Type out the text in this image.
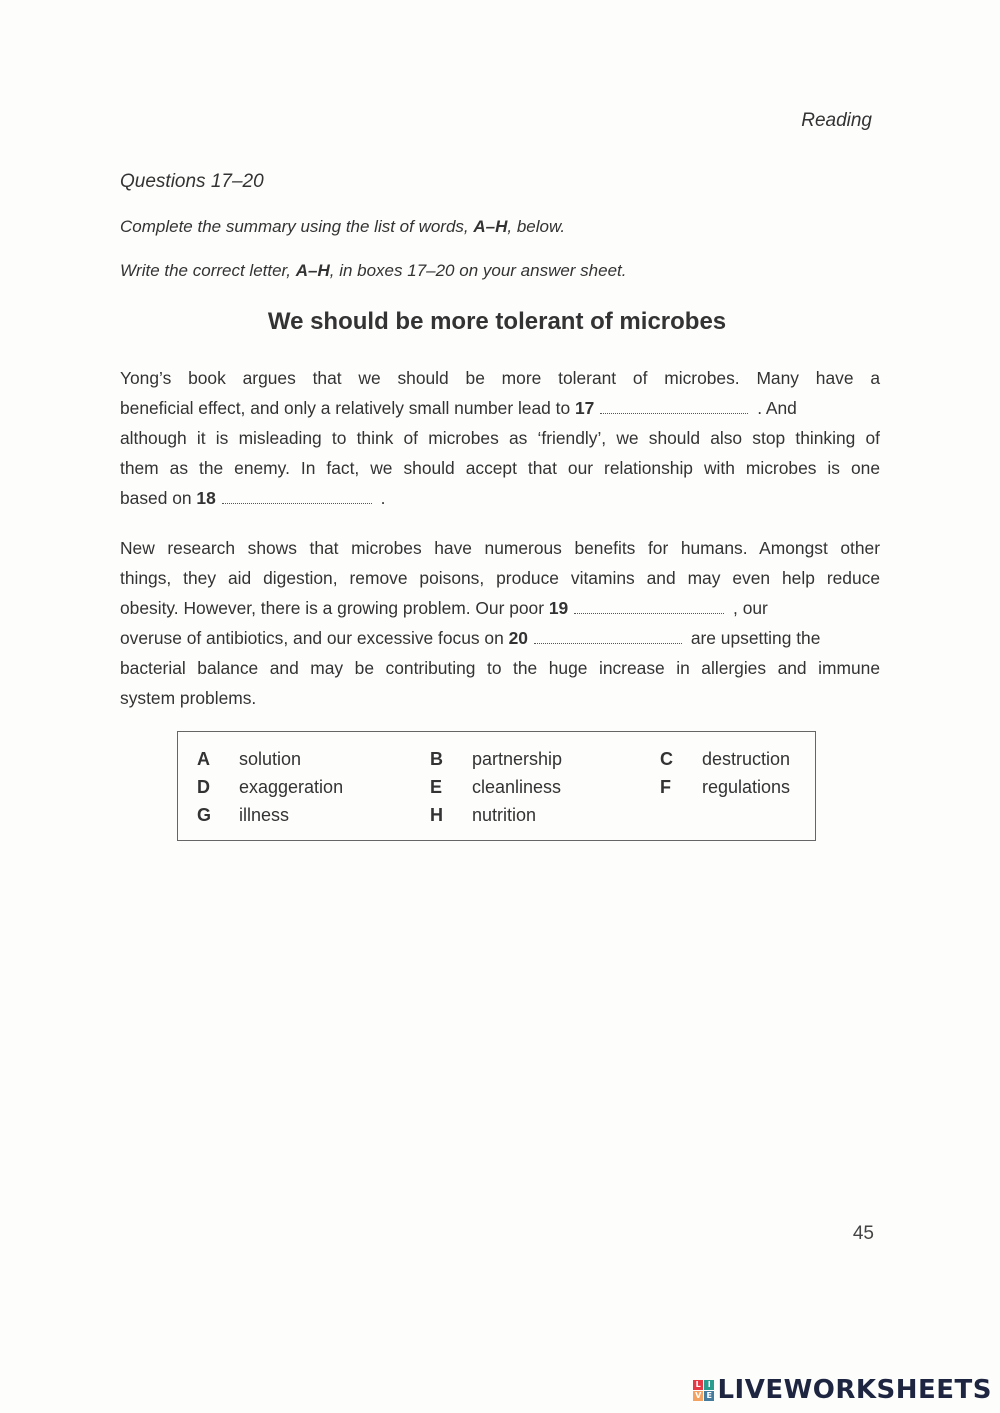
Reading
Questions 17–20
Complete the summary using the list of words, A–H, below.
Write the correct letter, A–H, in boxes 17–20 on your answer sheet.
We should be more tolerant of microbes
Yong’s book argues that we should be more tolerant of microbes. Many have a
beneficial effect, and only a relatively small number lead to 17	. And
although it is misleading to think of microbes as ‘friendly’, we should also stop thinking of
them as the enemy. In fact, we should accept that our relationship with microbes is one
based on 18	.
New research shows that microbes have numerous benefits for humans. Amongst other
things, they aid digestion, remove poisons, produce vitamins and may even help reduce
obesity. However, there is a growing problem. Our poor 19	, our
overuse of antibiotics, and our excessive focus on 20	are upsetting the
bacterial balance and may be contributing to the huge increase in allergies and immune
system problems.
A solution	B partnership	C destruction
D exaggeration	E cleanliness	F regulations
G illness	H nutrition
45
L I
V E LIVEWORKSHEETS
